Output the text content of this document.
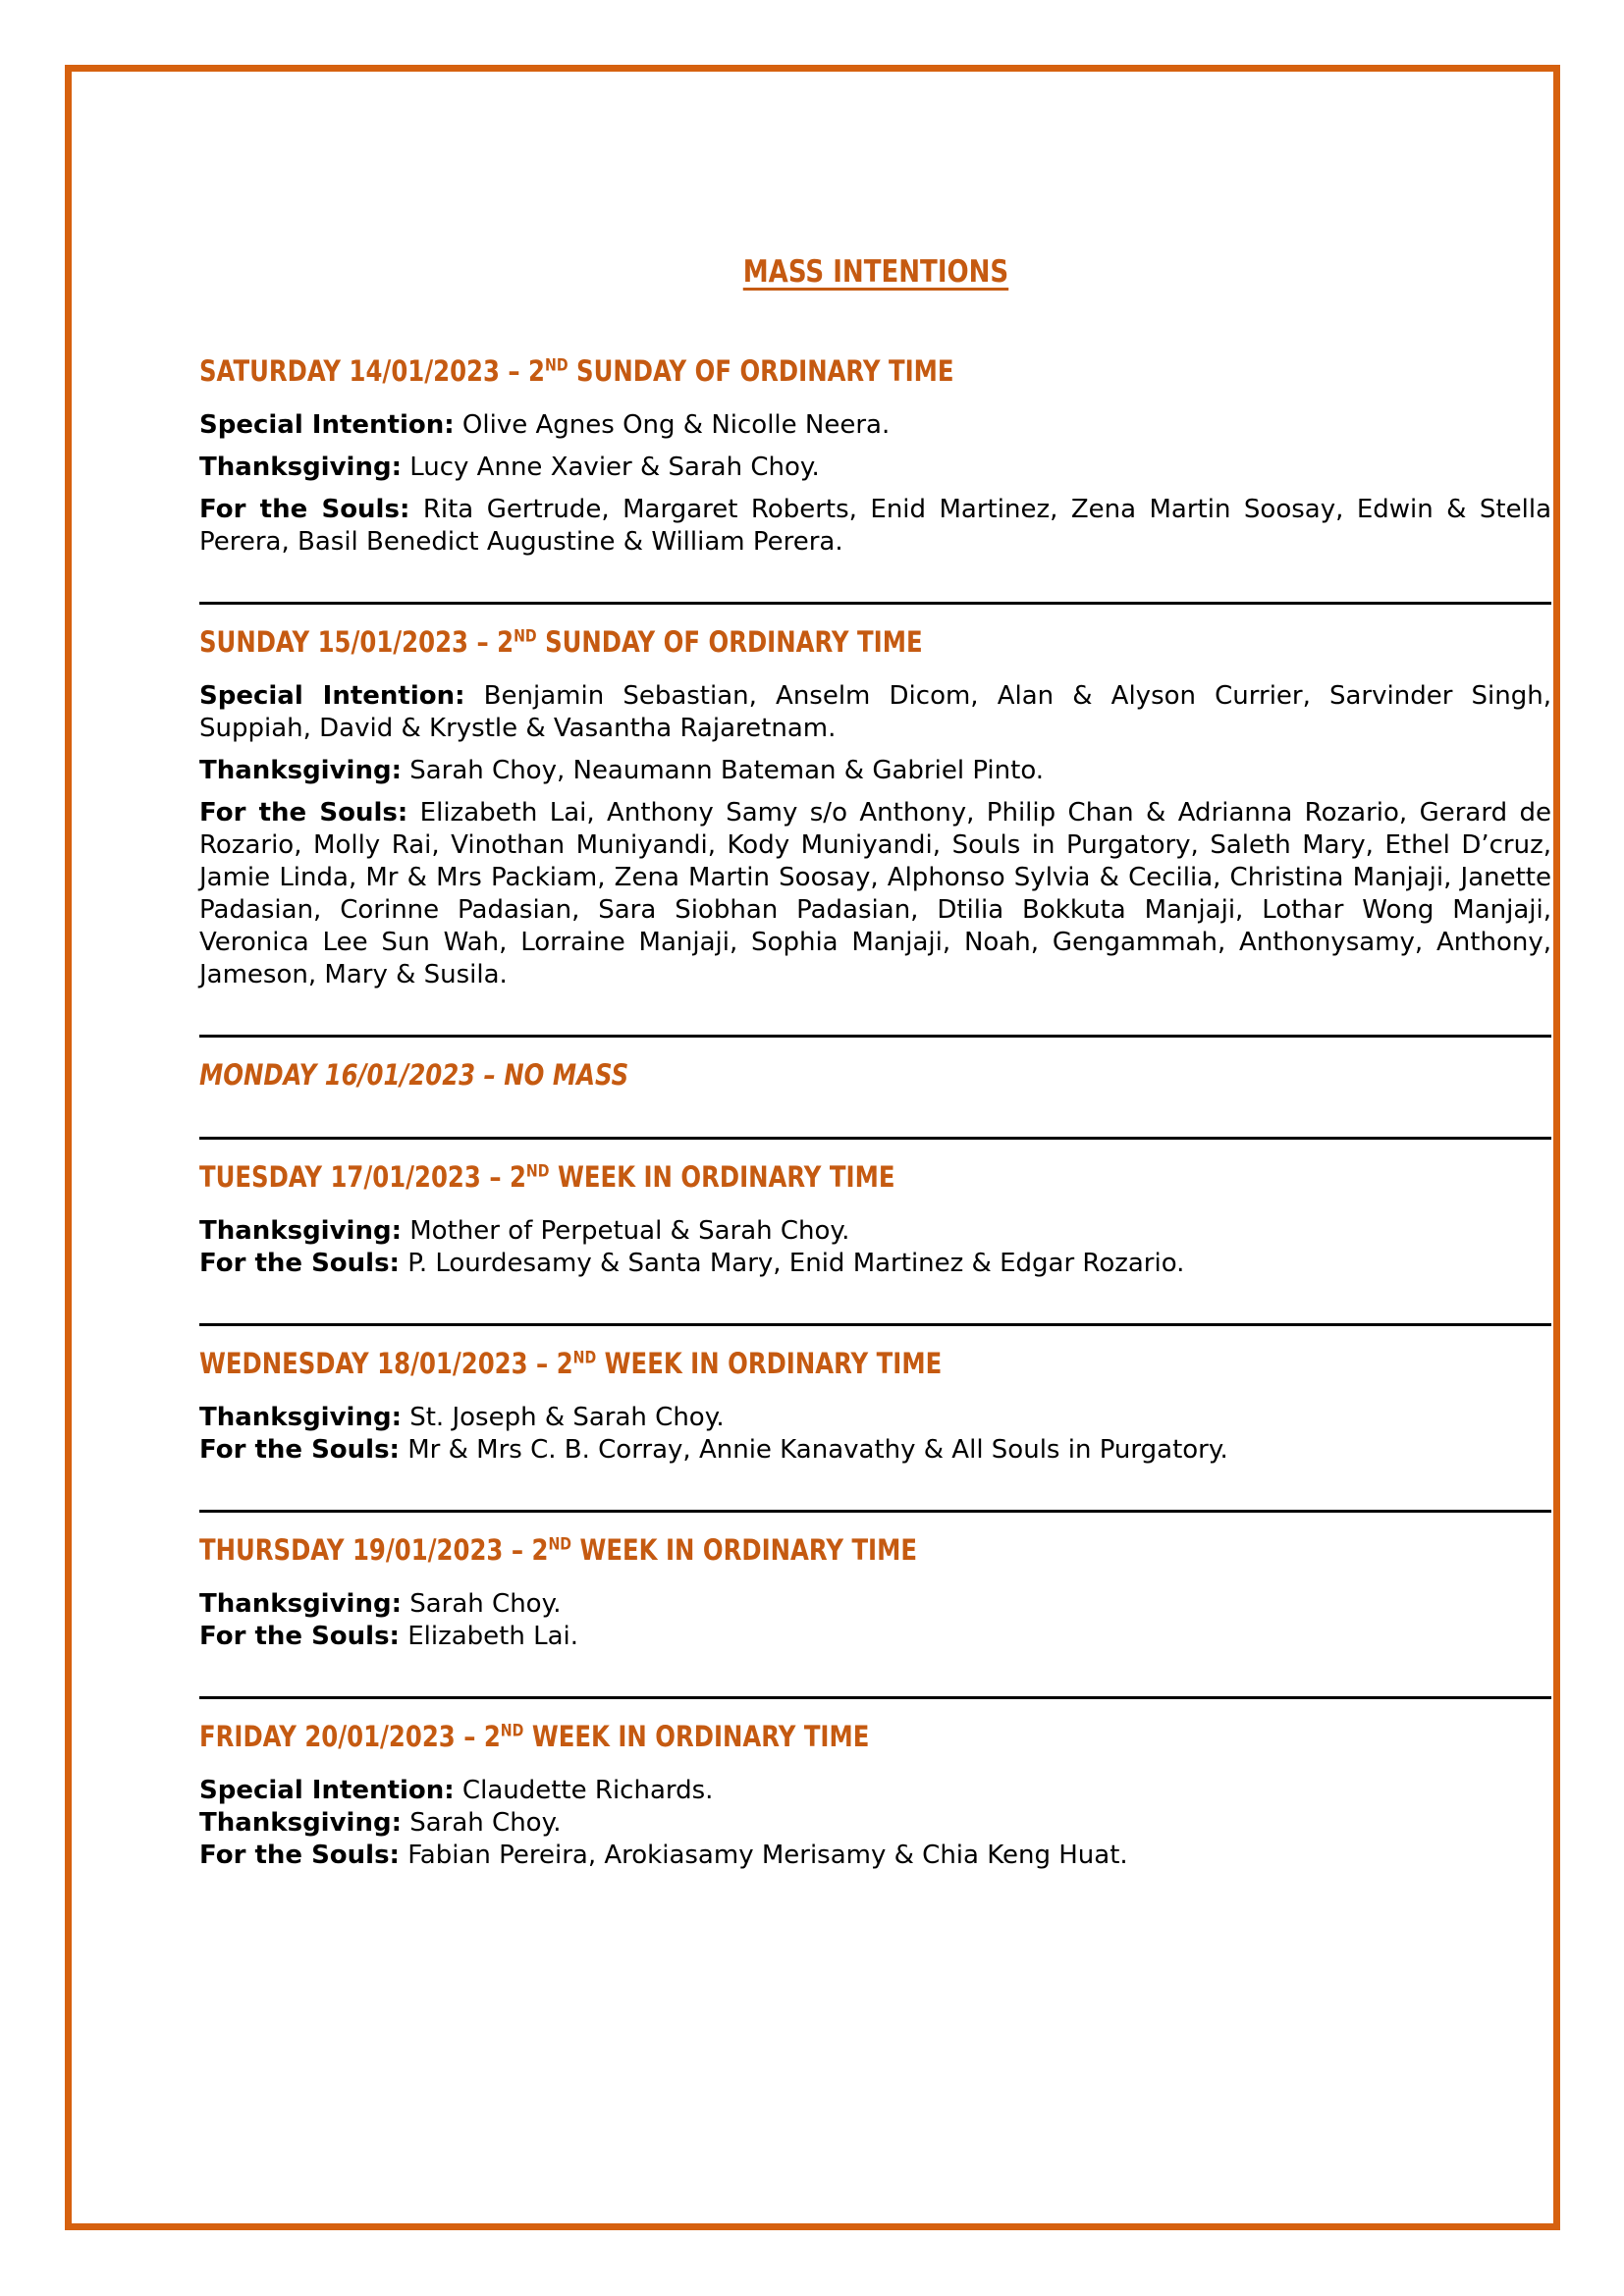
MASS INTENTIONS
SATURDAY 14/01/2023 – 2ND SUNDAY OF ORDINARY TIME

Special Intention: Olive Agnes Ong & Nicolle Neera.

Thanksgiving: Lucy Anne Xavier & Sarah Choy.

For the Souls: Rita Gertrude, Margaret Roberts, Enid Martinez, Zena Martin Soosay, Edwin & Stella Perera, Basil Benedict Augustine & William Perera.

SUNDAY 15/01/2023 – 2ND SUNDAY OF ORDINARY TIME

Special Intention: Benjamin Sebastian, Anselm Dicom, Alan & Alyson Currier, Sarvinder Singh, Suppiah, David & Krystle & Vasantha Rajaretnam.

Thanksgiving: Sarah Choy, Neaumann Bateman & Gabriel Pinto.

For the Souls: Elizabeth Lai, Anthony Samy s/o Anthony, Philip Chan & Adrianna Rozario, Gerard de Rozario, Molly Rai, Vinothan Muniyandi, Kody Muniyandi, Souls in Purgatory, Saleth Mary, Ethel D’cruz, Jamie Linda, Mr & Mrs Packiam, Zena Martin Soosay, Alphonso Sylvia & Cecilia, Christina Manjaji, Janette Padasian, Corinne Padasian, Sara Siobhan Padasian, Dtilia Bokkuta Manjaji, Lothar Wong Manjaji, Veronica Lee Sun Wah, Lorraine Manjaji, Sophia Manjaji, Noah, Gengammah, Anthonysamy, Anthony, Jameson, Mary & Susila.

MONDAY 16/01/2023 – NO MASS
TUESDAY 17/01/2023 – 2ND WEEK IN ORDINARY TIME

Thanksgiving: Mother of Perpetual & Sarah Choy.

For the Souls: P. Lourdesamy & Santa Mary, Enid Martinez & Edgar Rozario.

WEDNESDAY 18/01/2023 – 2ND WEEK IN ORDINARY TIME

Thanksgiving: St. Joseph & Sarah Choy.

For the Souls: Mr & Mrs C. B. Corray, Annie Kanavathy & All Souls in Purgatory.

THURSDAY 19/01/2023 – 2ND WEEK IN ORDINARY TIME

Thanksgiving: Sarah Choy.

For the Souls: Elizabeth Lai.

FRIDAY 20/01/2023 – 2ND WEEK IN ORDINARY TIME

Special Intention: Claudette Richards.

Thanksgiving: Sarah Choy.

For the Souls: Fabian Pereira, Arokiasamy Merisamy & Chia Keng Huat.
